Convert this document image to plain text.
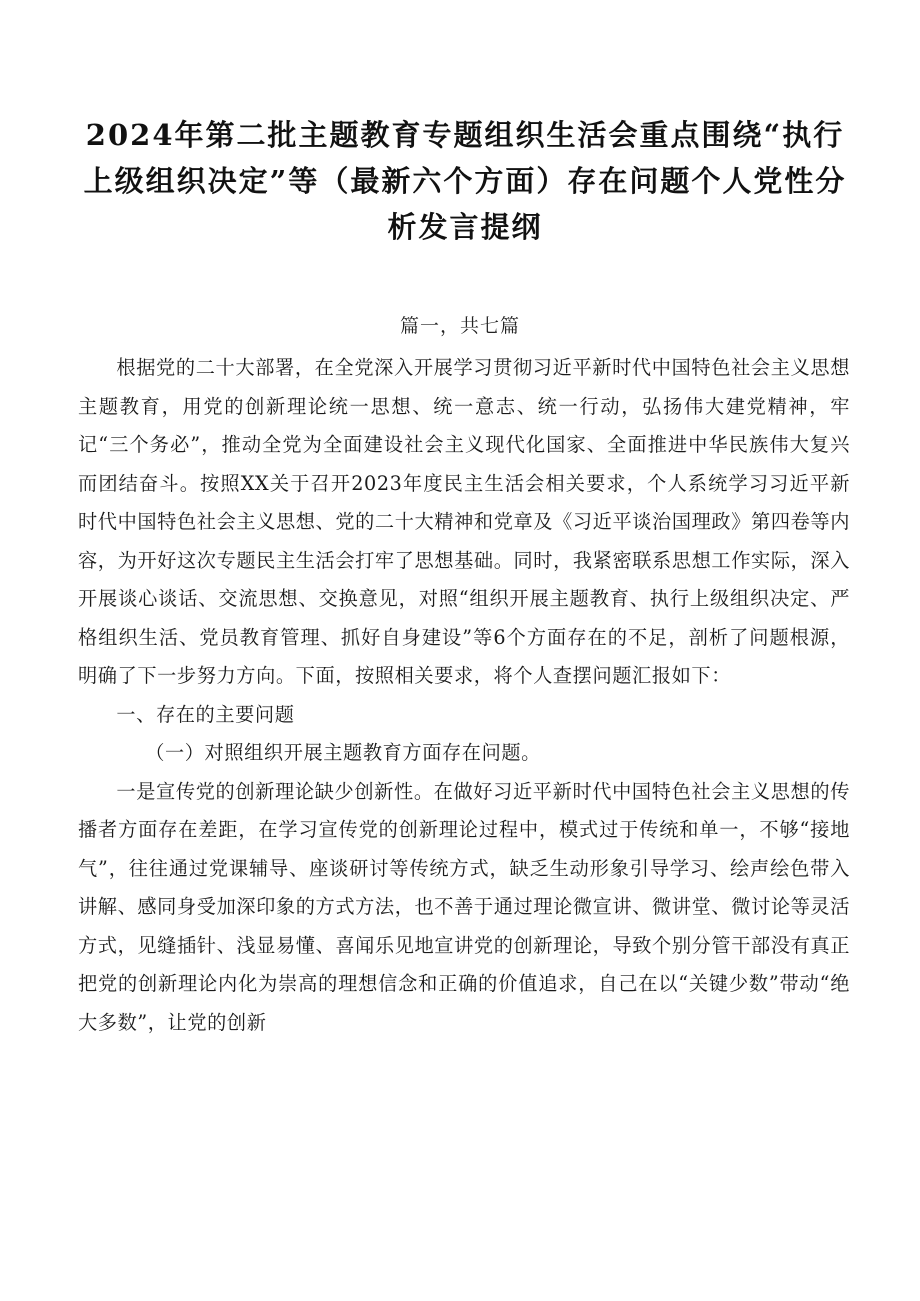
2024年第二批主题教育专题组织生活会重点围绕“执行
上级组织决定”等（最新六个方面）存在问题个人党性分
析发言提纲
篇一，共七篇

根据党的二十大部署，在全党深入开展学习贯彻习近平新时代中国特色社会主义思想主题教育，用党的创新理论统一思想、统一意志、统一行动，弘扬伟大建党精神，牢记“三个务必”，推动全党为全面建设社会主义现代化国家、全面推进中华民族伟大复兴而团结奋斗。按照XX关于召开2023年度民主生活会相关要求，个人系统学习习近平新时代中国特色社会主义思想、党的二十大精神和党章及《习近平谈治国理政》第四卷等内容，为开好这次专题民主生活会打牢了思想基础。同时，我紧密联系思想工作实际，深入开展谈心谈话、交流思想、交换意见，对照“组织开展主题教育、执行上级组织决定、严格组织生活、党员教育管理、抓好自身建设”等6个方面存在的不足，剖析了问题根源，明确了下一步努力方向。下面，按照相关要求，将个人查摆问题汇报如下：

一、存在的主要问题

（一）对照组织开展主题教育方面存在问题。

一是宣传党的创新理论缺少创新性。在做好习近平新时代中国特色社会主义思想的传播者方面存在差距，在学习宣传党的创新理论过程中，模式过于传统和单一，不够“接地气”，往往通过党课辅导、座谈研讨等传统方式，缺乏生动形象引导学习、绘声绘色带入讲解、感同身受加深印象的方式方法，也不善于通过理论微宣讲、微讲堂、微讨论等灵活方式，见缝插针、浅显易懂、喜闻乐见地宣讲党的创新理论，导致个别分管干部没有真正把党的创新理论内化为崇高的理想信念和正确的价值追求，自己在以“关键少数”带动“绝大多数”，让党的创新
